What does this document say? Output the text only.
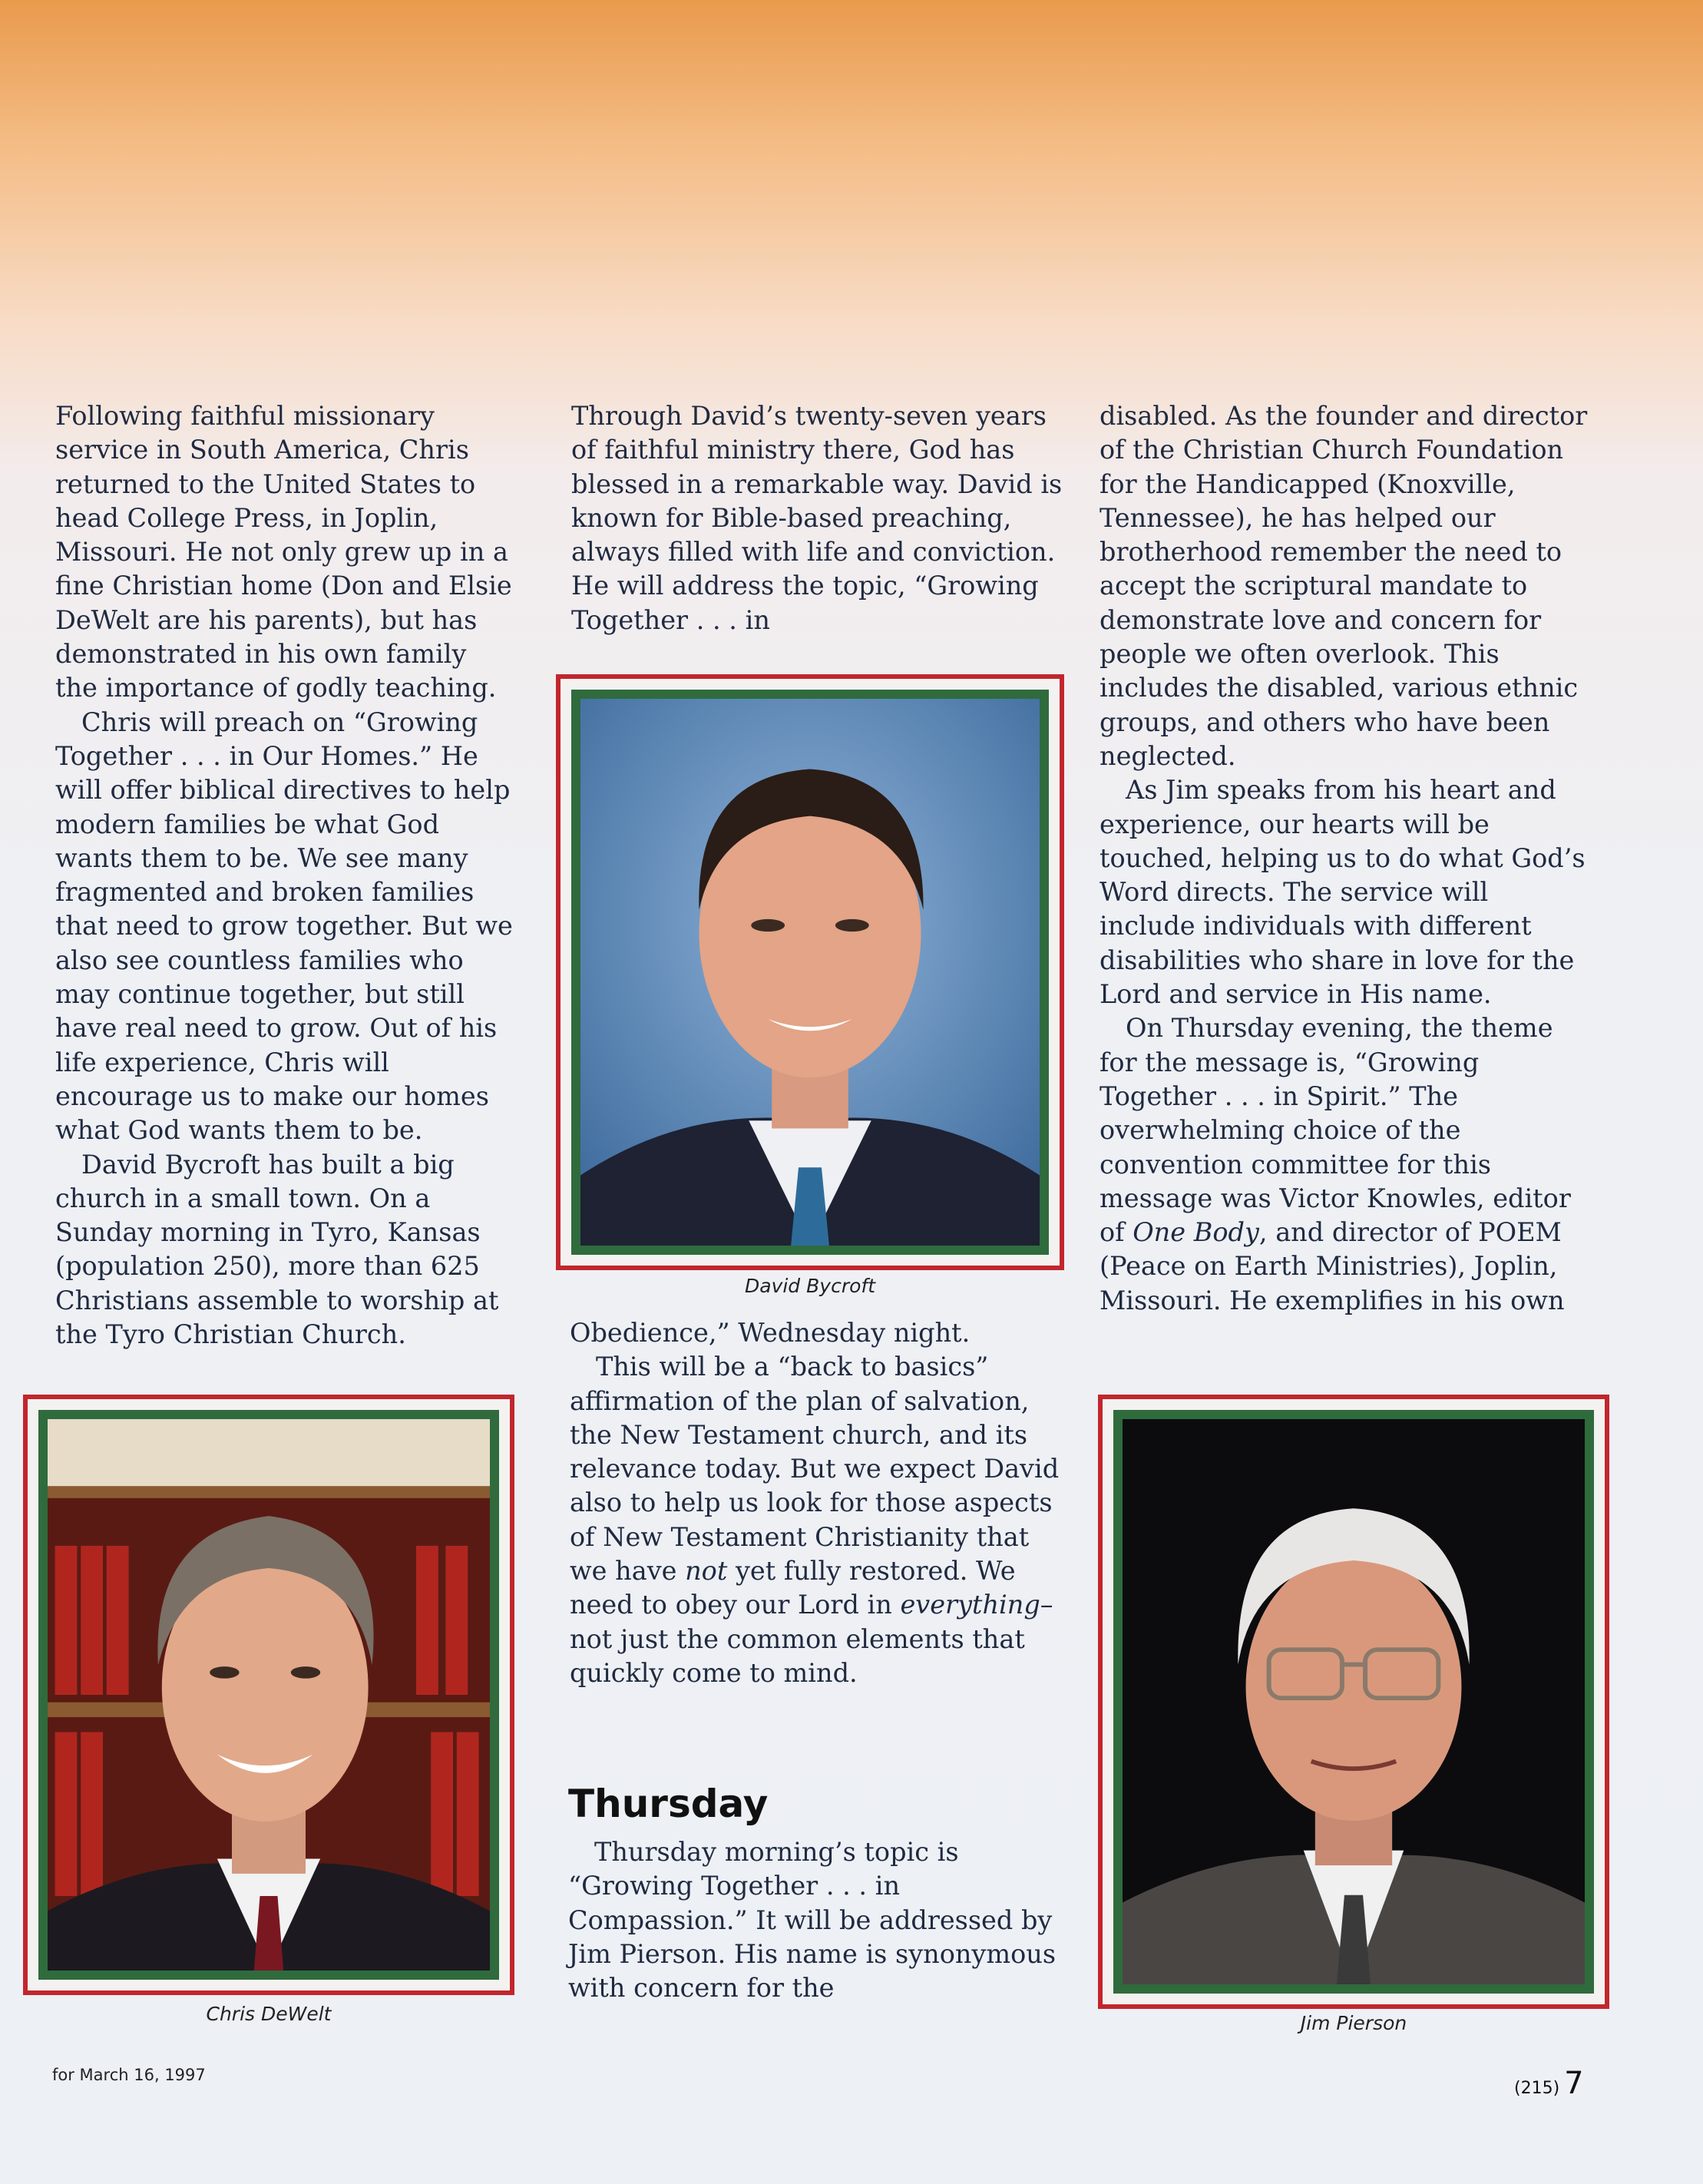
Following faithful missionary service in South America, Chris returned to the United States to head College Press, in Joplin, Missouri. He not only grew up in a fine Christian home (Don and Elsie DeWelt are his parents), but has demonstrated in his own family the importance of godly teaching.

Chris will preach on “Growing Together . . . in Our Homes.” He will offer biblical directives to help modern families be what God wants them to be. We see many fragmented and broken families that need to grow together. But we also see countless families who may continue together, but still have real need to grow. Out of his life experience, Chris will encourage us to make our homes what God wants them to be.

David Bycroft has built a big church in a small town. On a Sunday morning in Tyro, Kansas (population 250), more than 625 Christians assemble to worship at the Tyro Christian Church.

Through David’s twenty-seven years of faithful ministry there, God has blessed in a remarkable way. David is known for Bible-based preaching, always filled with life and conviction. He will address the topic, “Growing Together . . . in

disabled. As the founder and director of the Christian Church Foundation for the Handicapped (Knoxville, Tennessee), he has helped our brotherhood remember the need to accept the scriptural mandate to demonstrate love and concern for people we often overlook. This includes the disabled, various ethnic groups, and others who have been neglected.

As Jim speaks from his heart and experience, our hearts will be touched, helping us to do what God’s Word directs. The service will include individuals with different disabilities who share in love for the Lord and service in His name.

On Thursday evening, the theme for the message is, “Growing Together . . . in Spirit.” The overwhelming choice of the convention committee for this message was Victor Knowles, editor of One Body, and director of POEM (Peace on Earth Ministries), Joplin, Missouri. He exemplifies in his own

David Bycroft

Obedience,” Wednesday night.

This will be a “back to basics” affirmation of the plan of salvation, the New Testament church, and its relevance today. But we expect David also to help us look for those aspects of New Testament Christianity that we have not yet fully restored. We need to obey our Lord in everything–not just the common elements that quickly come to mind.

Thursday

Thursday morning’s topic is “Growing Together . . . in Compassion.” It will be addressed by Jim Pierson. His name is synonymous with concern for the

Chris DeWelt	Jim Pierson
for March 16, 1997
(215) 7
